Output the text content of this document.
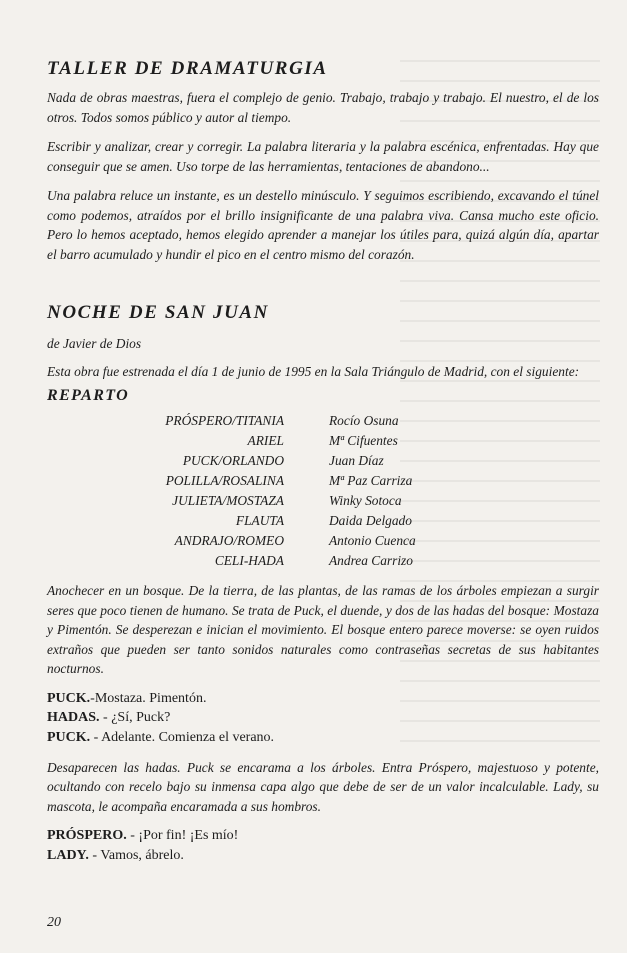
TALLER DE DRAMATURGIA

Nada de obras maestras, fuera el complejo de genio. Trabajo, trabajo y trabajo. El nuestro, el de los otros. Todos somos público y autor al tiempo.

Escribir y analizar, crear y corregir. La palabra literaria y la palabra escénica, enfrentadas. Hay que conseguir que se amen. Uso torpe de las herramientas, tentaciones de abandono...

Una palabra reluce un instante, es un destello minúsculo. Y seguimos escribiendo, excavando el túnel como podemos, atraídos por el brillo insignificante de una palabra viva. Cansa mucho este oficio. Pero lo hemos aceptado, hemos elegido aprender a manejar los útiles para, quizá algún día, apartar el barro acumulado y hundir el pico en el centro mismo del corazón.

NOCHE DE SAN JUAN

de Javier de Dios

Esta obra fue estrenada el día 1 de junio de 1995 en la Sala Triángulo de Madrid, con el siguiente:

REPARTO
PRÓSPERO/TITANIA	Rocío Osuna
ARIEL	Mª Cifuentes
PUCK/ORLANDO	Juan Díaz
POLILLA/ROSALINA	Mª Paz Carriza
JULIETA/MOSTAZA	Winky Sotoca
FLAUTA	Daida Delgado
ANDRAJO/ROMEO	Antonio Cuenca
CELI-HADA	Andrea Carrizo

Anochecer en un bosque. De la tierra, de las plantas, de las ramas de los árboles empiezan a surgir seres que poco tienen de humano. Se trata de Puck, el duende, y dos de las hadas del bosque: Mostaza y Pimentón. Se desperezan e inician el movimiento. El bosque entero parece moverse: se oyen ruidos extraños que pueden ser tanto sonidos naturales como contraseñas secretas de sus habitantes nocturnos.

PUCK.-Mostaza. Pimentón.

HADAS. - ¿Sí, Puck?

PUCK. - Adelante. Comienza el verano.

Desaparecen las hadas. Puck se encarama a los árboles. Entra Próspero, majestuoso y potente, ocultando con recelo bajo su inmensa capa algo que debe de ser de un valor incalculable. Lady, su mascota, le acompaña encaramada a sus hombros.

PRÓSPERO. - ¡Por fin! ¡Es mío!

LADY. - Vamos, ábrelo.

20
